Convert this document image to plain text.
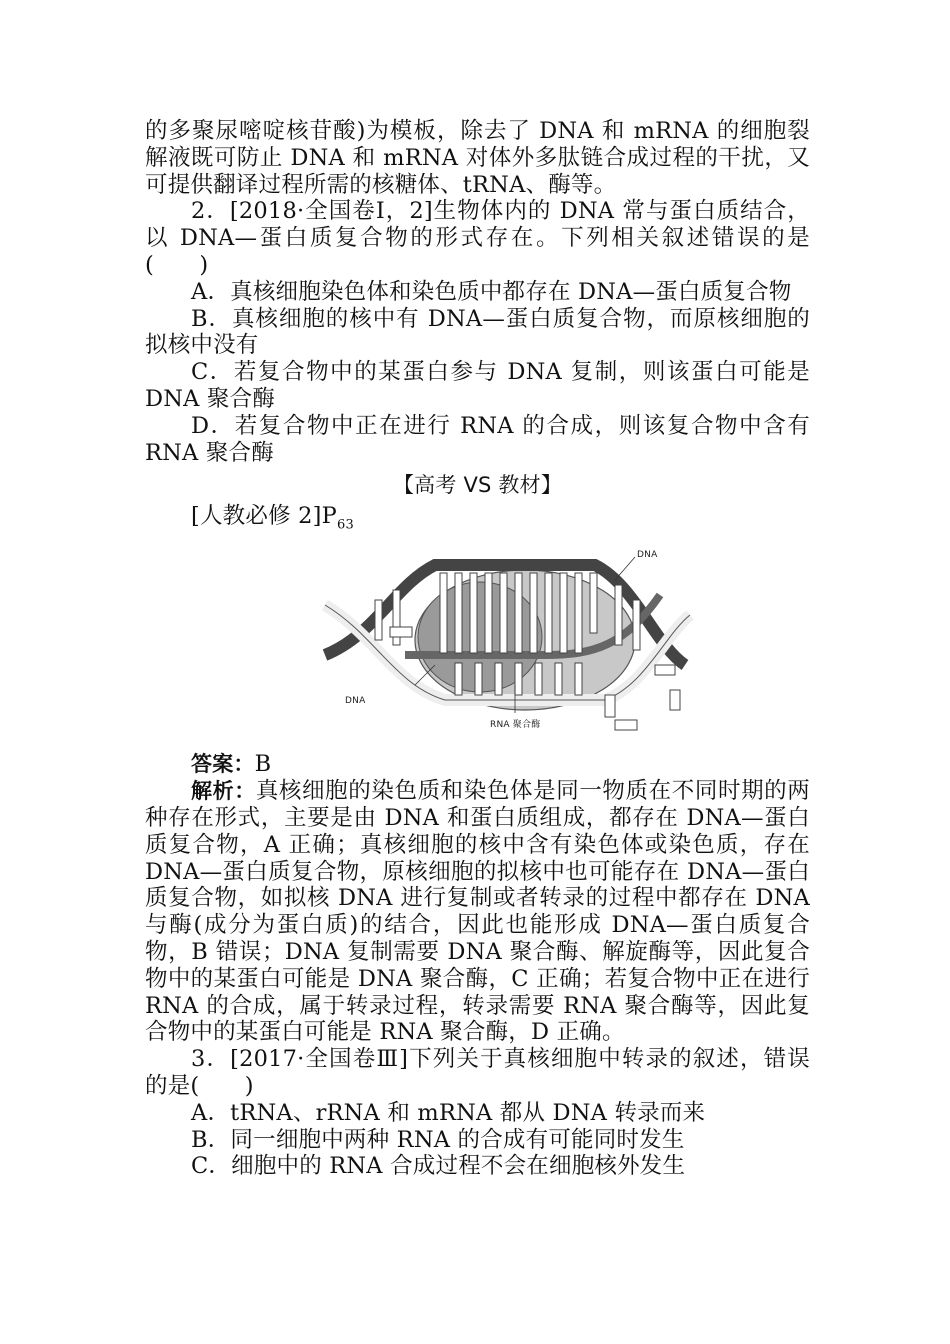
的多聚尿嘧啶核苷酸)为模板，除去了 DNA 和 mRNA 的细胞裂解液既可防止 DNA 和 mRNA 对体外多肽链合成过程的干扰，又可提供翻译过程所需的核糖体、tRNA、酶等。

2．[2018·全国卷Ⅰ，2]生物体内的 DNA 常与蛋白质结合，以 DNA—蛋白质复合物的形式存在。下列相关叙述错误的是(　　)

A．真核细胞染色体和染色质中都存在 DNA—蛋白质复合物

B．真核细胞的核中有 DNA—蛋白质复合物，而原核细胞的拟核中没有

C．若复合物中的某蛋白参与 DNA 复制，则该蛋白可能是 DNA 聚合酶

D．若复合物中正在进行 RNA 的合成，则该复合物中含有 RNA 聚合酶

【高考 VS 教材】

[人教必修 $2]P_{63}$

DNA
DNA
RNA 聚合酶

答案：B

解析：真核细胞的染色质和染色体是同一物质在不同时期的两种存在形式，主要是由 DNA 和蛋白质组成，都存在 DNA—蛋白质复合物，A 正确；真核细胞的核中含有染色体或染色质，存在 DNA—蛋白质复合物，原核细胞的拟核中也可能存在 DNA—蛋白质复合物，如拟核 DNA 进行复制或者转录的过程中都存在 DNA 与酶(成分为蛋白质)的结合，因此也能形成 DNA—蛋白质复合物，B 错误；DNA 复制需要 DNA 聚合酶、解旋酶等，因此复合物中的某蛋白可能是 DNA 聚合酶，C 正确；若复合物中正在进行 RNA 的合成，属于转录过程，转录需要 RNA 聚合酶等，因此复合物中的某蛋白可能是 RNA 聚合酶，D 正确。

3．[2017·全国卷Ⅲ]下列关于真核细胞中转录的叙述，错误的是(　　)

A．tRNA、rRNA 和 mRNA 都从 DNA 转录而来

B．同一细胞中两种 RNA 的合成有可能同时发生

C．细胞中的 RNA 合成过程不会在细胞核外发生
